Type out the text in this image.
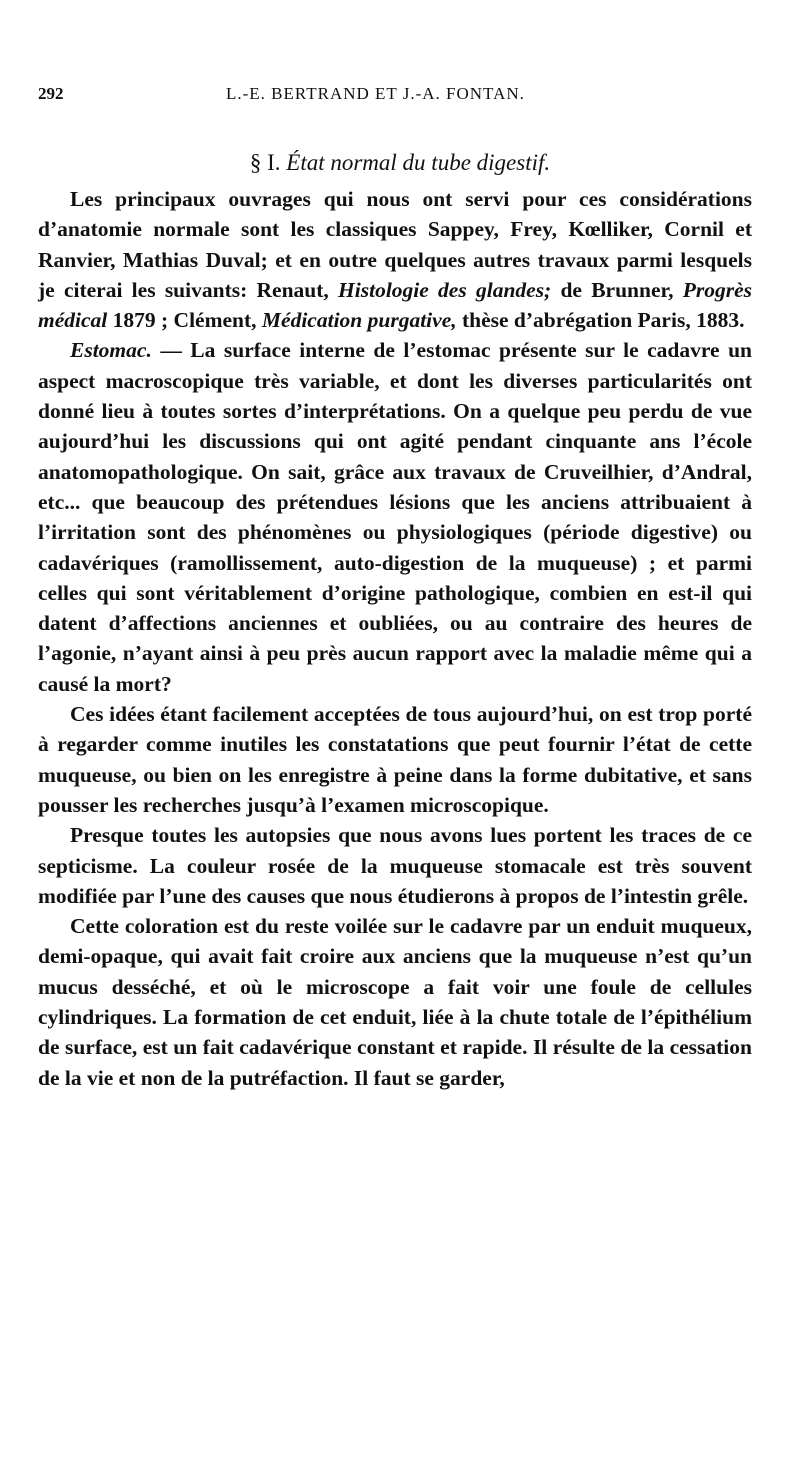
292	L.-E. BERTRAND ET J.-A. FONTAN.
§ I. État normal du tube digestif.

Les principaux ouvrages qui nous ont servi pour ces considérations d’anatomie normale sont les classiques Sappey, Frey, Kœlliker, Cornil et Ranvier, Mathias Duval; et en outre quelques autres travaux parmi lesquels je citerai les suivants: Renaut, Histologie des glandes; de Brunner, Progrès médical 1879 ; Clément, Médication purgative, thèse d’abrégation Paris, 1883.

Estomac. — La surface interne de l’estomac présente sur le cadavre un aspect macroscopique très variable, et dont les diverses particularités ont donné lieu à toutes sortes d’interprétations. On a quelque peu perdu de vue aujourd’hui les discussions qui ont agité pendant cinquante ans l’école anatomopathologique. On sait, grâce aux travaux de Cruveilhier, d’Andral, etc... que beaucoup des prétendues lésions que les anciens attribuaient à l’irritation sont des phénomènes ou physiologiques (période digestive) ou cadavériques (ramollissement, auto-digestion de la muqueuse) ; et parmi celles qui sont véritablement d’origine pathologique, combien en est-il qui datent d’affections anciennes et oubliées, ou au contraire des heures de l’agonie, n’ayant ainsi à peu près aucun rapport avec la maladie même qui a causé la mort?

Ces idées étant facilement acceptées de tous aujourd’hui, on est trop porté à regarder comme inutiles les constatations que peut fournir l’état de cette muqueuse, ou bien on les enregistre à peine dans la forme dubitative, et sans pousser les recherches jusqu’à l’examen microscopique.

Presque toutes les autopsies que nous avons lues portent les traces de ce septicisme. La couleur rosée de la muqueuse stomacale est très souvent modifiée par l’une des causes que nous étudierons à propos de l’intestin grêle.

Cette coloration est du reste voilée sur le cadavre par un enduit muqueux, demi-opaque, qui avait fait croire aux anciens que la muqueuse n’est qu’un mucus desséché, et où le microscope a fait voir une foule de cellules cylindriques. La formation de cet enduit, liée à la chute totale de l’épithélium de surface, est un fait cadavérique constant et rapide. Il résulte de la cessation de la vie et non de la putréfaction. Il faut se garder,
